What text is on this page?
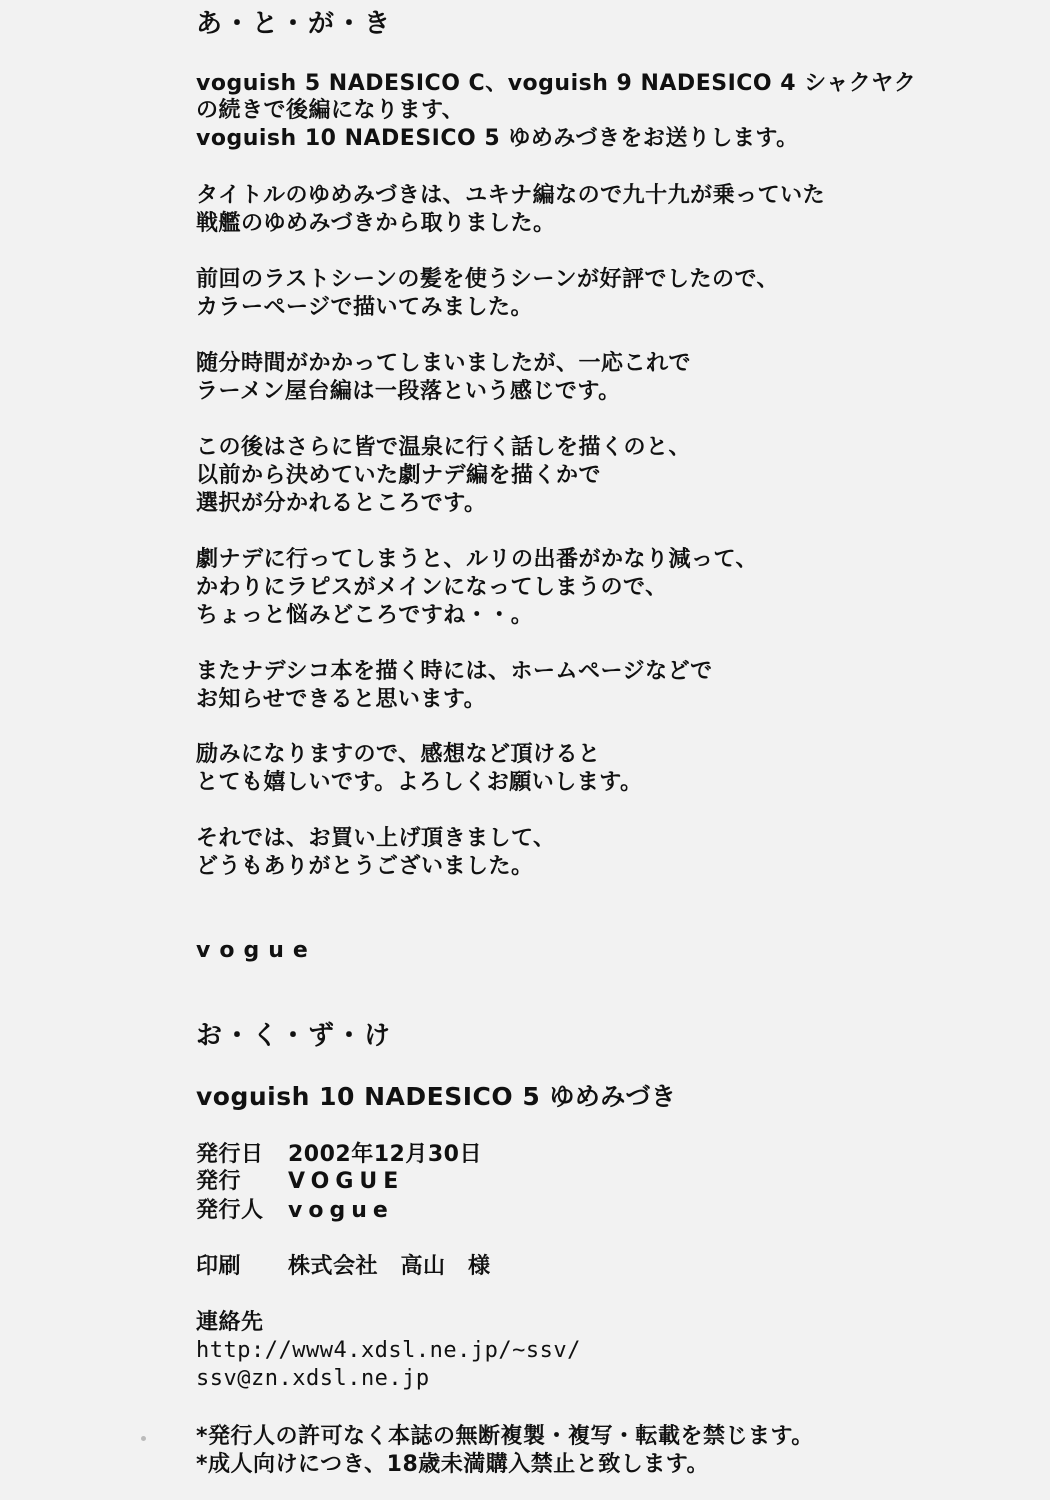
あ・と・が・き
voguish 5 NADESICO C、voguish 9 NADESICO 4 シャクヤク
の続きで後編になります、
voguish 10 NADESICO 5 ゆめみづきをお送りします。
タイトルのゆめみづきは、ユキナ編なので九十九が乗っていた
戦艦のゆめみづきから取りました。
前回のラストシーンの髪を使うシーンが好評でしたので、
カラーページで描いてみました。
随分時間がかかってしまいましたが、一応これで
ラーメン屋台編は一段落という感じです。
この後はさらに皆で温泉に行く話しを描くのと、
以前から決めていた劇ナデ編を描くかで
選択が分かれるところです。
劇ナデに行ってしまうと、ルリの出番がかなり減って、
かわりにラピスがメインになってしまうので、
ちょっと悩みどころですね・・。
またナデシコ本を描く時には、ホームページなどで
お知らせできると思います。
励みになりますので、感想など頂けると
とても嬉しいです。よろしくお願いします。
それでは、お買い上げ頂きまして、
どうもありがとうございました。
vogue
お・く・ず・け
voguish 10 NADESICO 5 ゆめみづき
発行日 2002年12月30日
発行 VOGUE
発行人 vogue
印刷 株式会社　高山　様
連絡先
http://www4.xdsl.ne.jp/~ssv/
ssv@zn.xdsl.ne.jp
*発行人の許可なく本誌の無断複製・複写・転載を禁じます。
*成人向けにつき、18歳未満購入禁止と致します。
